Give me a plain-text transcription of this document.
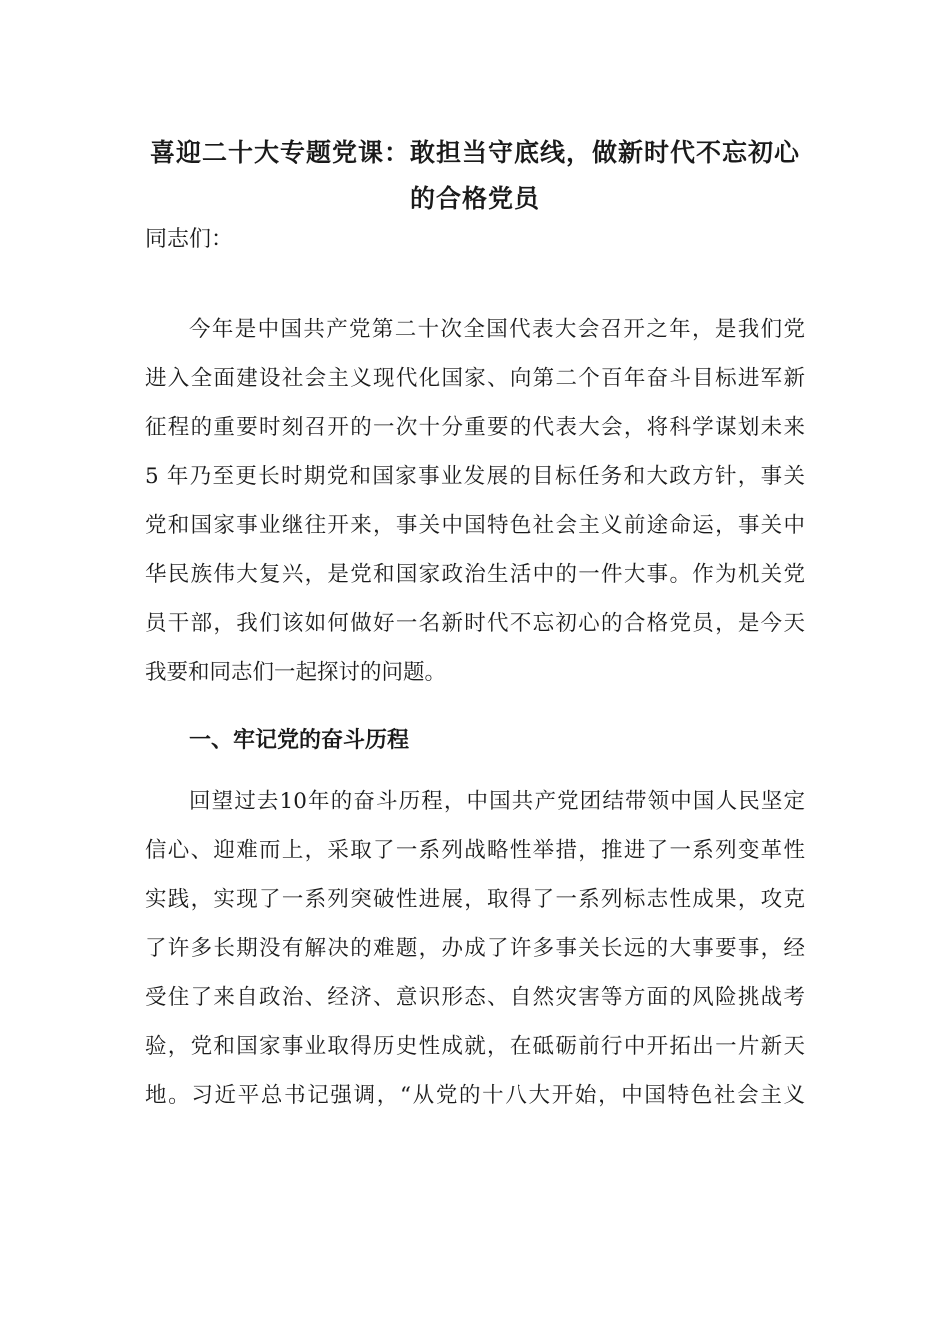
喜迎二十大专题党课：敢担当守底线，做新时代不忘初心
的合格党员

同志们：

今年是中国共产党第二十次全国代表大会召开之年，是我们党
进入全面建设社会主义现代化国家、向第二个百年奋斗目标进军新
征程的重要时刻召开的一次十分重要的代表大会，将科学谋划未来
5 年乃至更长时期党和国家事业发展的目标任务和大政方针，事关
党和国家事业继往开来，事关中国特色社会主义前途命运，事关中
华民族伟大复兴，是党和国家政治生活中的一件大事。作为机关党
员干部，我们该如何做好一名新时代不忘初心的合格党员，是今天
我要和同志们一起探讨的问题。
一、牢记党的奋斗历程
回望过去10年的奋斗历程，中国共产党团结带领中国人民坚定
信心、迎难而上，采取了一系列战略性举措，推进了一系列变革性
实践，实现了一系列突破性进展，取得了一系列标志性成果，攻克
了许多长期没有解决的难题，办成了许多事关长远的大事要事，经
受住了来自政治、经济、意识形态、自然灾害等方面的风险挑战考
验，党和国家事业取得历史性成就，在砥砺前行中开拓出一片新天
地。习近平总书记强调，“从党的十八大开始，中国特色社会主义
